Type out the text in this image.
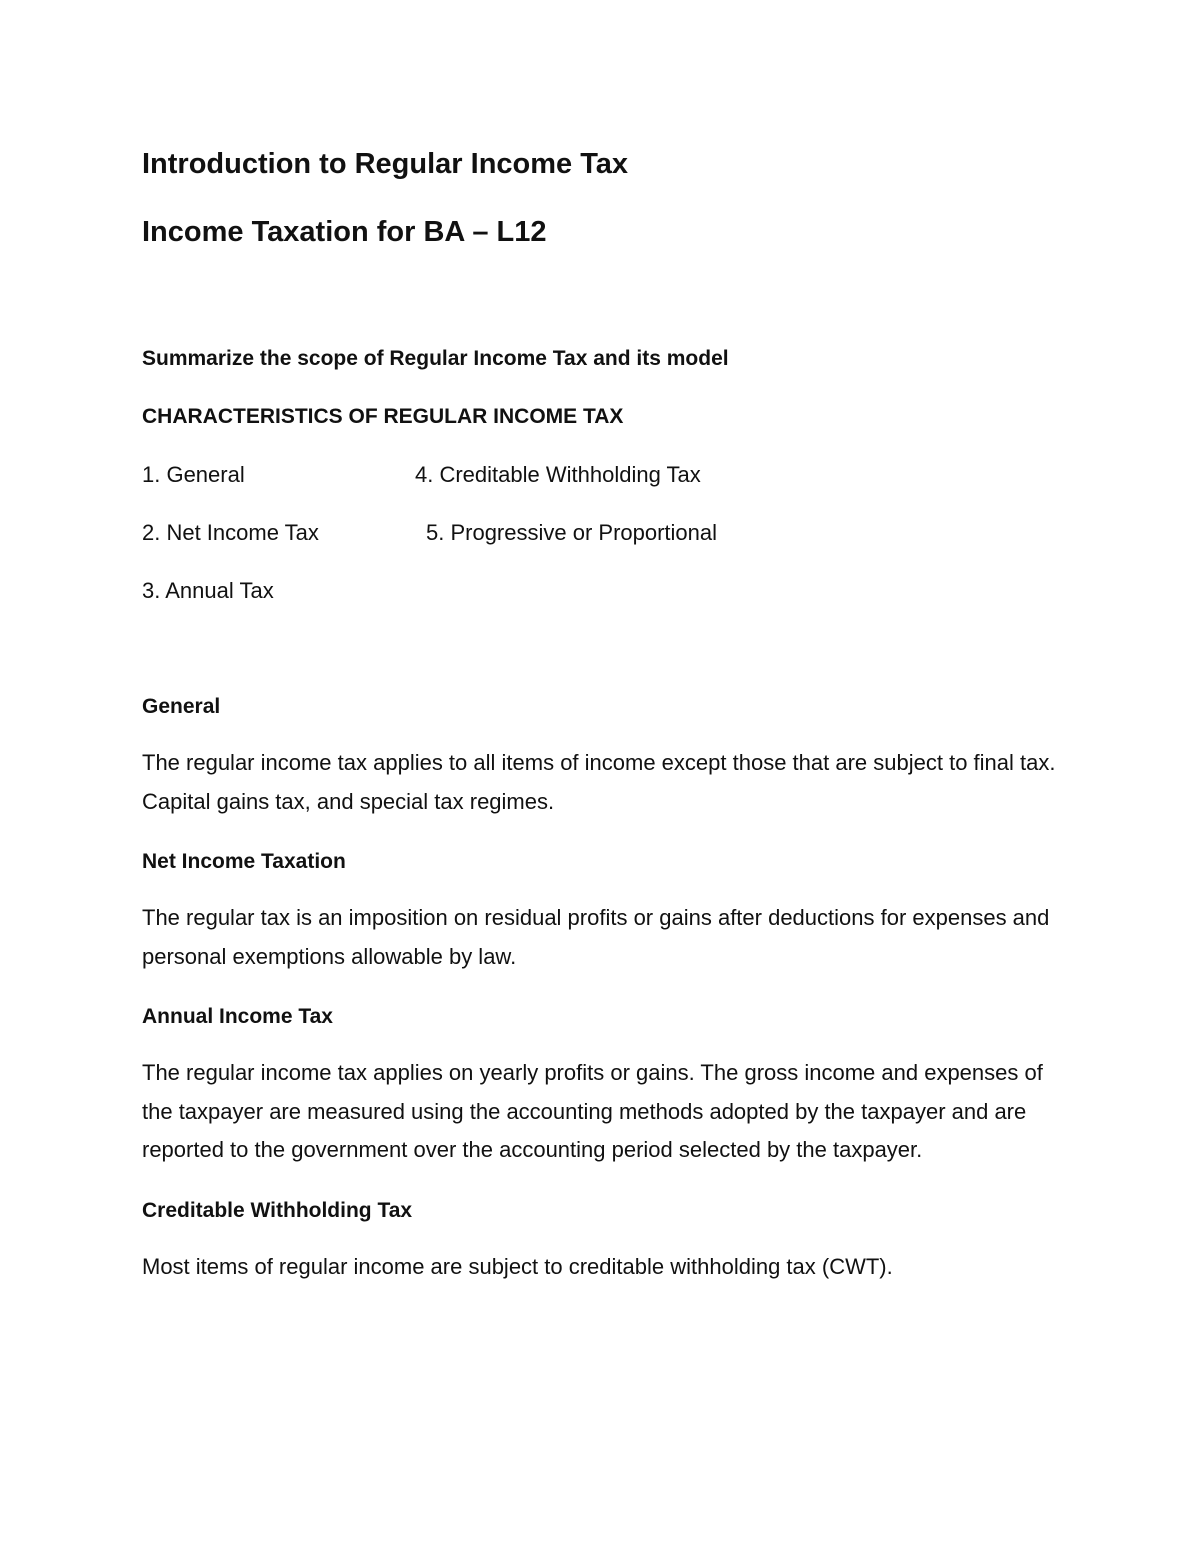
Introduction to Regular Income Tax
Income Taxation for BA – L12

Summarize the scope of Regular Income Tax and its model

CHARACTERISTICS OF REGULAR INCOME TAX

1. General	4. Creditable Withholding Tax
2. Net Income Tax	5. Progressive or Proportional
3. Annual Tax

General

The regular income tax applies to all items of income except those that are subject to final tax. Capital gains tax, and special tax regimes.

Net Income Taxation

The regular tax is an imposition on residual profits or gains after deductions for expenses and personal exemptions allowable by law.

Annual Income Tax

The regular income tax applies on yearly profits or gains. The gross income and expenses of the taxpayer are measured using the accounting methods adopted by the taxpayer and are reported to the government over the accounting period selected by the taxpayer.

Creditable Withholding Tax

Most items of regular income are subject to creditable withholding tax (CWT).
